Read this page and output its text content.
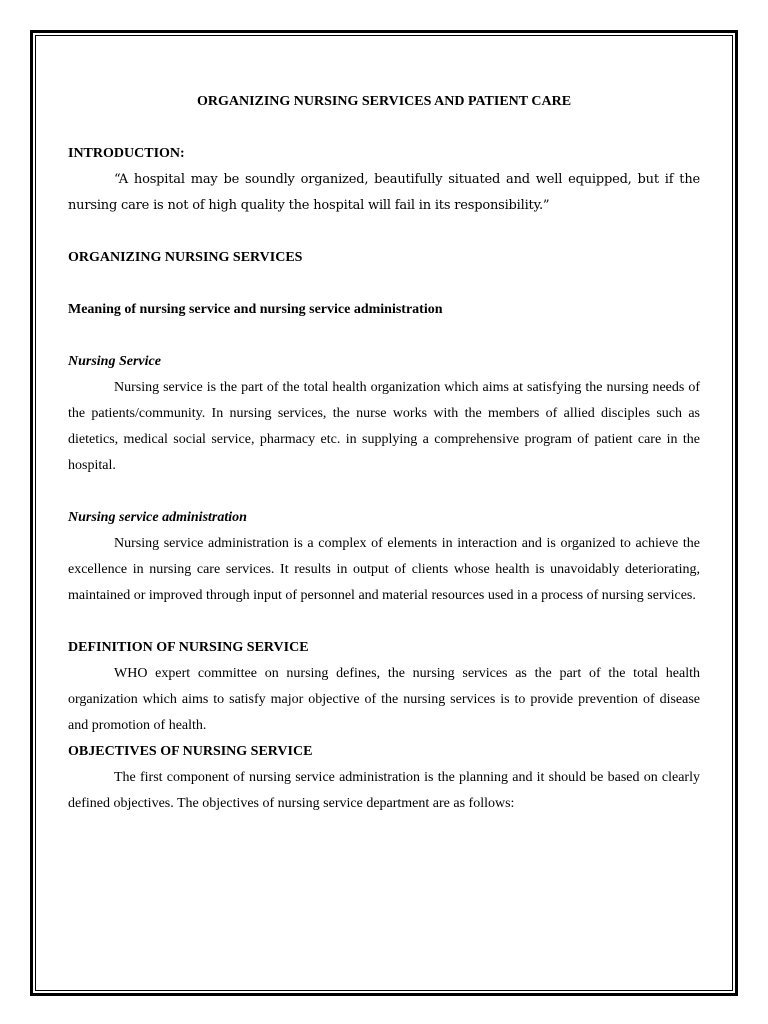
ORGANIZING NURSING SERVICES AND PATIENT CARE

INTRODUCTION:

“A hospital may be soundly organized, beautifully situated and well equipped, but if the nursing care is not of high quality the hospital will fail in its responsibility.”

ORGANIZING NURSING SERVICES

Meaning of nursing service and nursing service administration

Nursing Service

Nursing service is the part of the total health organization which aims at satisfying the nursing needs of the patients/community. In nursing services, the nurse works with the members of allied disciples such as dietetics, medical social service, pharmacy etc. in supplying a comprehensive program of patient care in the hospital.

Nursing service administration

Nursing service administration is a complex of elements in interaction and is organized to achieve the excellence in nursing care services. It results in output of clients whose health is unavoidably deteriorating, maintained or improved through input of personnel and material resources used in a process of nursing services.

DEFINITION OF NURSING SERVICE

WHO expert committee on nursing defines, the nursing services as the part of the total health organization which aims to satisfy major objective of the nursing services is to provide prevention of disease and promotion of health.

OBJECTIVES OF NURSING SERVICE

The first component of nursing service administration is the planning and it should be based on clearly defined objectives. The objectives of nursing service department are as follows:
